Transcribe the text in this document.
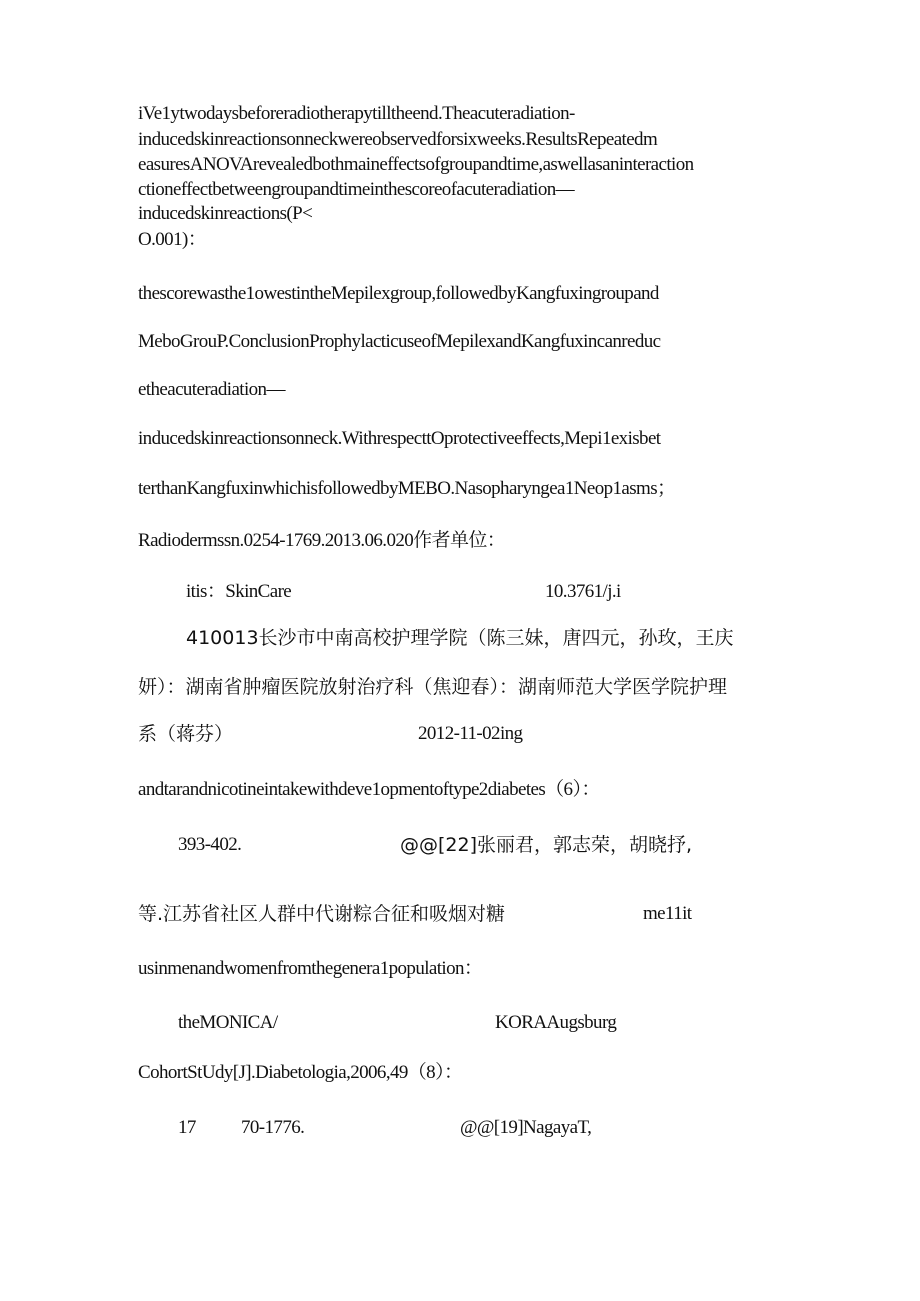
iVe1ytwodaysbeforeradiotherapytilltheend.Theacuteradiation-
inducedskinreactionsonneckwereobservedforsixweeks.ResultsRepeatedm
easuresANOVArevealedbothmaineffectsofgroupandtime,aswellasaninteraction
ctioneffectbetweengroupandtimeinthescoreofacuteradiation—
inducedskinreactions(P<
O.001)：
thescorewasthe1owestintheMepilexgroup,followedbyKangfuxingroupand
MeboGrouP.ConclusionProphylacticuseofMepilexandKangfuxincanreduc
etheacuteradiation—
inducedskinreactionsonneck.WithrespecttOprotectiveeffects,Mepi1exisbet
terthanKangfuxinwhichisfollowedbyMEBO.Nasopharyngea1Neop1asms；
Radiodermssn.0254-1769.2013.06.020作者单位：
itis：SkinCare	10.3761/j.i
410013长沙市中南高校护理学院（陈三妹，唐四元，孙玫，王庆
妍）：湖南省肿瘤医院放射治疗科（焦迎春）：湖南师范大学医学院护理
系（蒋芬）	2012-11-02ing
andtarandnicotineintakewithdeve1opmentoftype2diabetes（6）：
393-402.	@@[22]张丽君，郭志荣，胡晓抒,
等.江苏省社区人群中代谢粽合征和吸烟对糖	me11it
usinmenandwomenfromthegenera1population：
theMONICA/	KORAAugsburg
CohortStUdy[J].Diabetologia,2006,49（8）：
17 70-1776.	@@[19]NagayaT,
